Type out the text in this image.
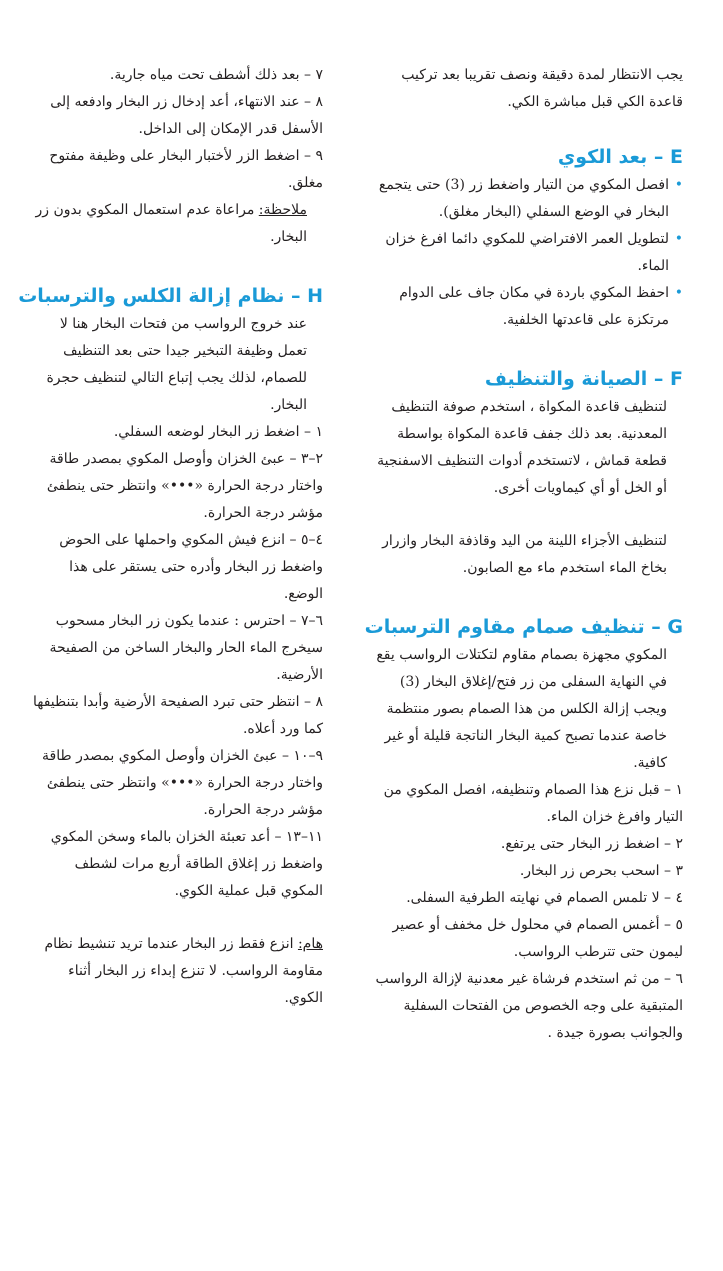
يجب الانتظار لمدة دقيقة ونصف تقريبا بعد تركيب قاعدة الكي قبل مباشرة الكي.

E – بعد الكوي
• افصل المكوي من التيار واضغط زر (3) حتى يتجمع البخار في الوضع السفلي (البخار مغلق).
• لتطويل العمر الافتراضي للمكوي دائما افرغ خزان الماء.
• احفظ المكوي باردة في مكان جاف على الدوام مرتكزة على قاعدتها الخلفية.
F – الصيانة والتنظيف

لتنظيف قاعدة المكواة ، استخدم صوفة التنظيف المعدنية. بعد ذلك جفف قاعدة المكواة بواسطة قطعة قماش ، لاتستخدم أدوات التنظيف الاسفنجية أو الخل أو أي كيماويات أخرى.

لتنظيف الأجزاء اللينة من اليد وقاذفة البخار وازرار بخاخ الماء استخدم ماء مع الصابون.

G – تنظيف صمام مقاوم الترسبات

المكوي مجهزة بصمام مقاوم لتكتلات الرواسب يقع في النهاية السفلى من زر فتح/إغلاق البخار (3) ويجب إزالة الكلس من هذا الصمام بصور منتظمة خاصة عندما تصبح كمية البخار الناتجة قليلة أو غير كافية.

١ – قبل نزع هذا الصمام وتنظيفه، افصل المكوي من التيار وافرغ خزان الماء.
٢ – اضغط زر البخار حتى يرتفع.
٣ – اسحب بحرص زر البخار.
٤ – لا تلمس الصمام في نهايته الطرفية السفلى.
٥ – أغمس الصمام في محلول خل مخفف أو عصير ليمون حتى تترطب الرواسب.
٦ – من ثم استخدم فرشاة غير معدنية لإزالة الرواسب المتبقية على وجه الخصوص من الفتحات السفلية والجوانب بصورة جيدة .
٧ – بعد ذلك أشطف تحت مياه جارية.
٨ – عند الانتهاء، أعد إدخال زر البخار وادفعه إلى الأسفل قدر الإمكان إلى الداخل.
٩ – اضغط الزر لأختبار البخار على وظيفة مفتوح مغلق.

ملاحظة: مراعاة عدم استعمال المكوي بدون زر البخار.

H – نظام إزالة الكلس والترسبات

عند خروج الرواسب من فتحات البخار هنا لا تعمل وظيفة التبخير جيدا حتى بعد التنظيف للصمام، لذلك يجب إتباع التالي لتنظيف حجرة البخار.

١ – اضغط زر البخار لوضعه السفلي.
٢–٣ – عبئ الخزان وأوصل المكوي بمصدر طاقة واختار درجة الحرارة «•••» وانتظر حتى ينطفئ مؤشر درجة الحرارة.
٤–٥ – انزع فيش المكوي واحملها على الحوض واضغط زر البخار وأدره حتى يستقر على هذا الوضع.
٦–٧ – احترس : عندما يكون زر البخار مسحوب سيخرج الماء الحار والبخار الساخن من الصفيحة الأرضية.
٨ – انتظر حتى تبرد الصفيحة الأرضية وأبدا بتنظيفها كما ورد أعلاه.
٩–١٠ – عبئ الخزان وأوصل المكوي بمصدر طاقة واختار درجة الحرارة «•••» وانتظر حتى ينطفئ مؤشر درجة الحرارة.
١١–١٣ – أعد تعبئة الخزان بالماء وسخن المكوي واضغط زر إغلاق الطاقة أربع مرات لشطف المكوي قبل عملية الكوي.

هام: انزع فقط زر البخار عندما تريد تنشيط نظام مقاومة الرواسب. لا تنزع إبداء زر البخار أثناء الكوي.
